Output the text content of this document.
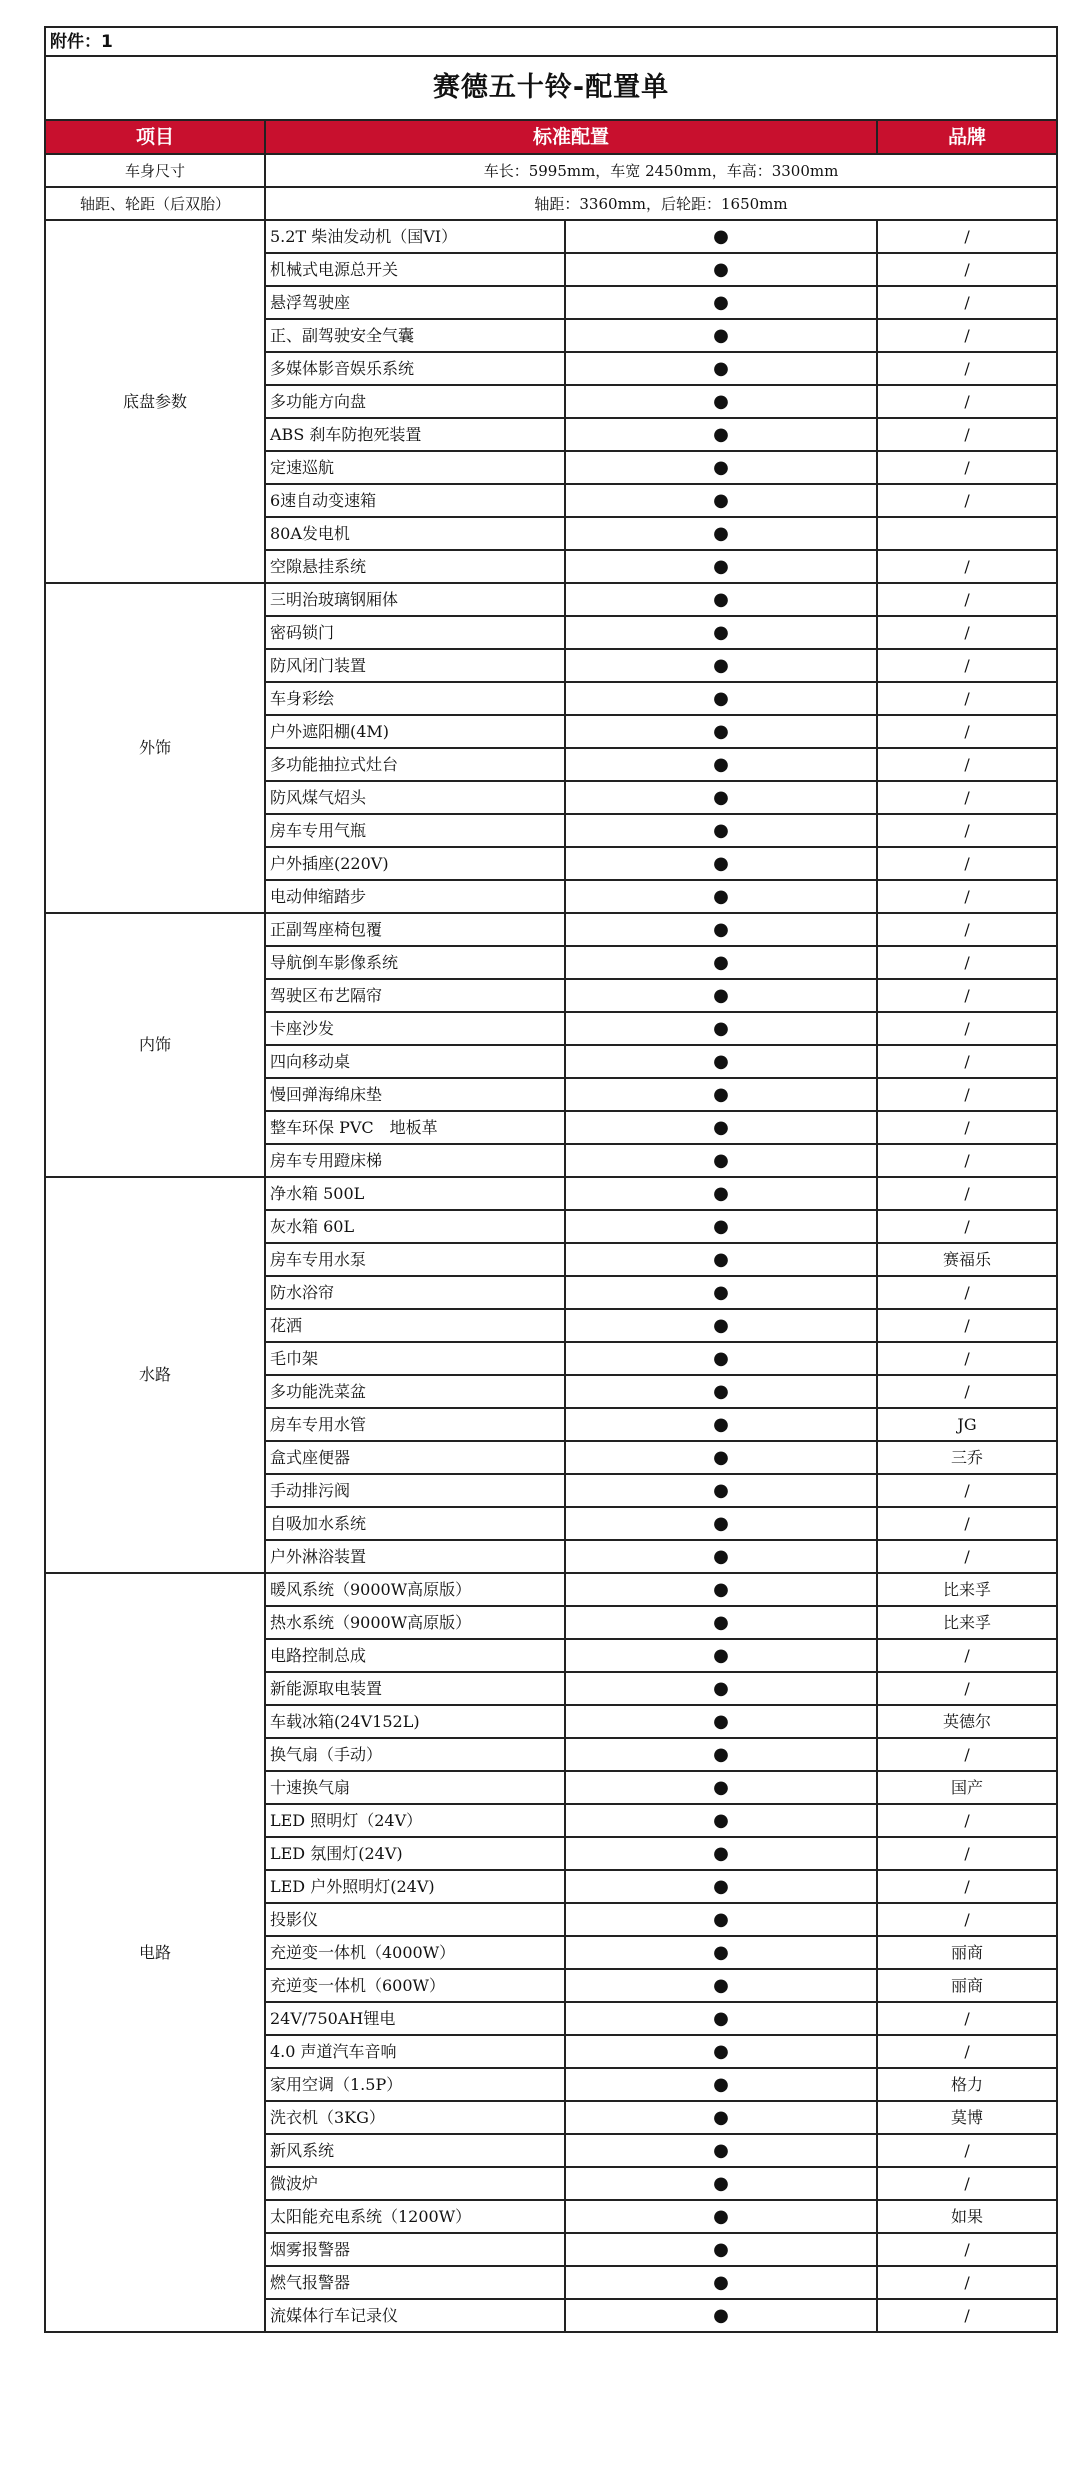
附件：1			
赛德五十铃-配置单			
项目	标准配置		品牌
车身尺寸	车长：5995mm，车宽 2450mm，车高：3300mm		
轴距、轮距（后双胎）	轴距：3360mm，后轮距：1650mm		
底盘参数	5.2T 柴油发动机（国VI）	●	/
	机械式电源总开关	●	/
	悬浮驾驶座	●	/
	正、副驾驶安全气囊	●	/
	多媒体影音娱乐系统	●	/
	多功能方向盘	●	/
	ABS 刹车防抱死装置	●	/
	定速巡航	●	/
	6速自动变速箱	●	/
	80A发电机	●	
	空隙悬挂系统	●	/
外饰	三明治玻璃钢厢体	●	/
	密码锁门	●	/
	防风闭门装置	●	/
	车身彩绘	●	/
	户外遮阳棚(4M)	●	/
	多功能抽拉式灶台	●	/
	防风煤气炤头	●	/
	房车专用气瓶	●	/
	户外插座(220V)	●	/
	电动伸缩踏步	●	/
内饰	正副驾座椅包覆	●	/
	导航倒车影像系统	●	/
	驾驶区布艺隔帘	●	/
	卡座沙发	●	/
	四向移动桌	●	/
	慢回弹海绵床垫	●	/
	整车环保 PVC　地板革	●	/
	房车专用蹬床梯	●	/
水路	净水箱 500L	●	/
	灰水箱 60L	●	/
	房车专用水泵	●	赛福乐
	防水浴帘	●	/
	花洒	●	/
	毛巾架	●	/
	多功能洗菜盆	●	/
	房车专用水管	●	JG
	盒式座便器	●	三乔
	手动排污阀	●	/
	自吸加水系统	●	/
	户外淋浴装置	●	/
电路	暖风系统（9000W高原版）	●	比来孚
	热水系统（9000W高原版）	●	比来孚
	电路控制总成	●	/
	新能源取电装置	●	/
	车载冰箱(24V152L)	●	英德尔
	换气扇（手动）	●	/
	十速换气扇	●	国产
	LED 照明灯（24V）	●	/
	LED 氛围灯(24V)	●	/
	LED 户外照明灯(24V)	●	/
	投影仪	●	/
	充逆变一体机（4000W）	●	丽商
	充逆变一体机（600W）	●	丽商
	24V/750AH锂电	●	/
	4.0 声道汽车音响	●	/
	家用空调（1.5P）	●	格力
	洗衣机（3KG）	●	莫博
	新风系统	●	/
	微波炉	●	/
	太阳能充电系统（1200W）	●	如果
	烟雾报警器	●	/
	燃气报警器	●	/
	流媒体行车记录仪	●	/
